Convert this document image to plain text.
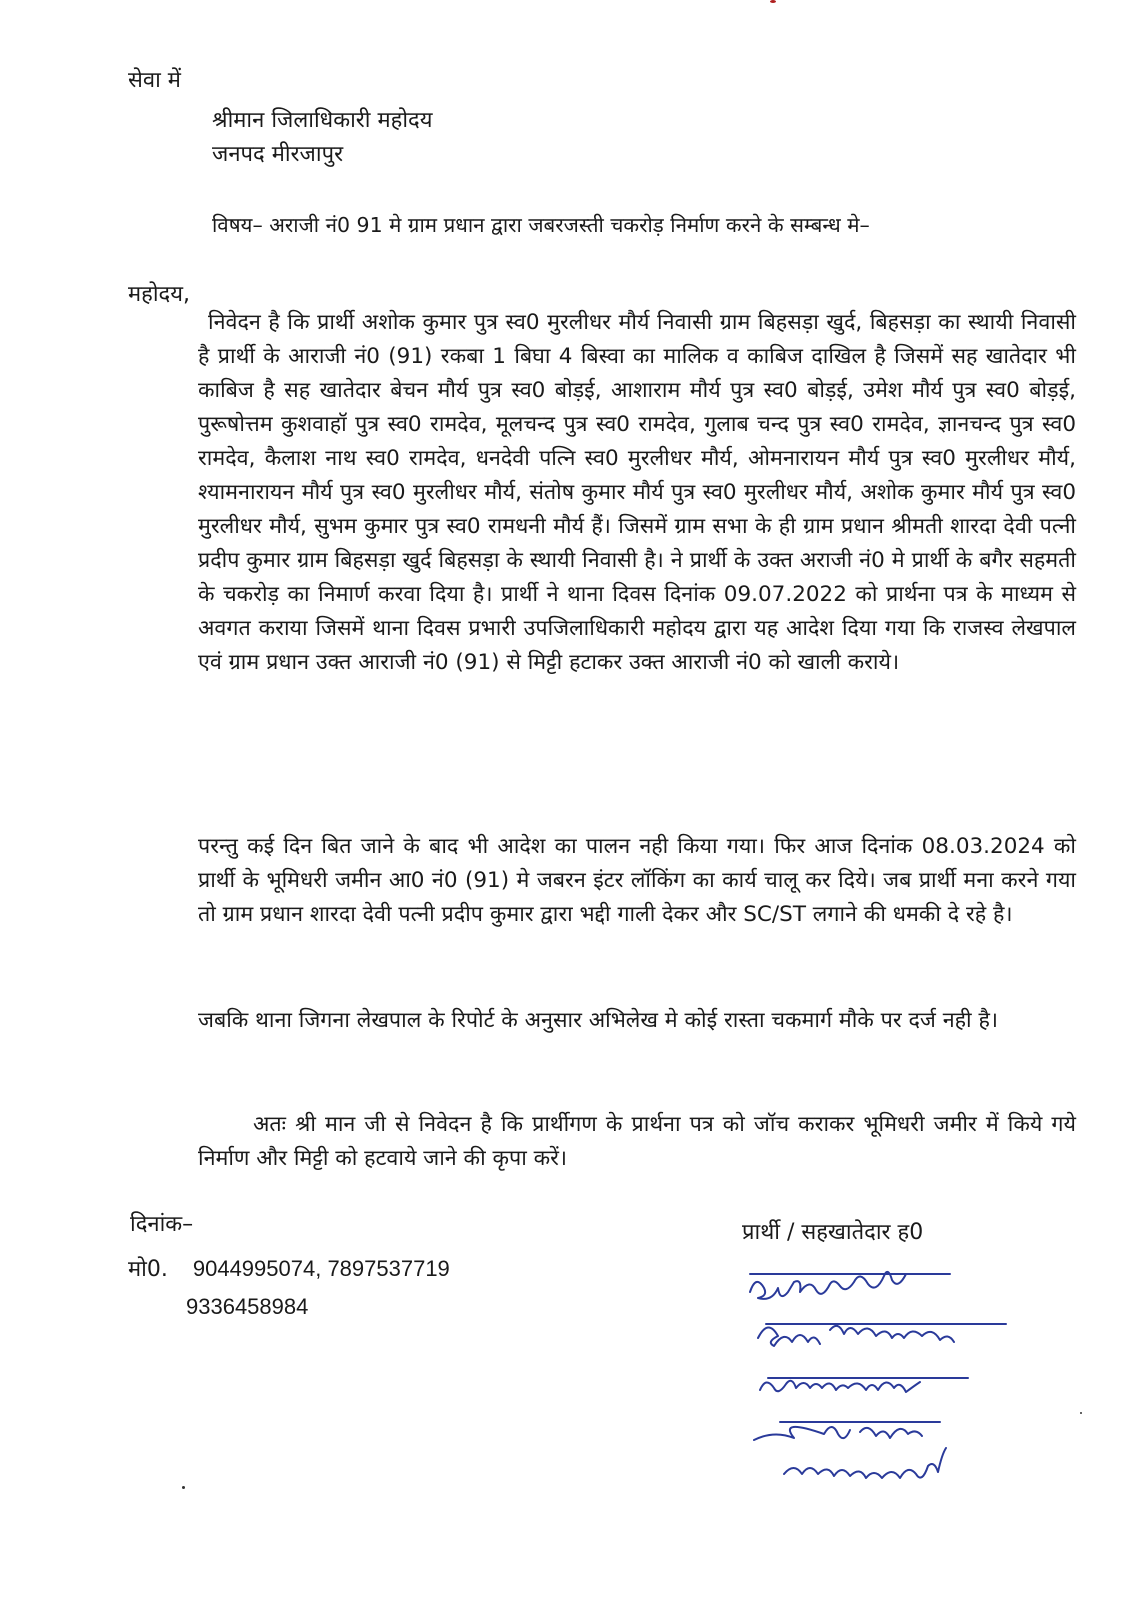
सेवा में

श्रीमान जिलाधिकारी महोदय

जनपद मीरजापुर

विषय– अराजी नं0 91 मे ग्राम प्रधान द्वारा जबरजस्ती चकरोड़ निर्माण करने के सम्बन्ध मे–

महोदय,

निवेदन है कि प्रार्थी अशोक कुमार पुत्र स्व0 मुरलीधर मौर्य निवासी ग्राम बिहसड़ा खुर्द, बिहसड़ा का स्थायी निवासी है प्रार्थी के आराजी नं0 (91) रकबा 1 बिघा 4 बिस्वा का मालिक व काबिज दाखिल है जिसमें सह खातेदार भी काबिज है सह खातेदार बेचन मौर्य पुत्र स्व0 बोड़ई, आशाराम मौर्य पुत्र स्व0 बोड़ई, उमेश मौर्य पुत्र स्व0 बोड़ई, पुरूषोत्तम कुशवाहॉ पुत्र स्व0 रामदेव, मूलचन्द पुत्र स्व0 रामदेव, गुलाब चन्द पुत्र स्व0 रामदेव, ज्ञानचन्द पुत्र स्व0 रामदेव, कैलाश नाथ स्व0 रामदेव, धनदेवी पत्नि स्व0 मुरलीधर मौर्य, ओमनारायन मौर्य पुत्र स्व0 मुरलीधर मौर्य, श्यामनारायन मौर्य पुत्र स्व0 मुरलीधर मौर्य, संतोष कुमार मौर्य पुत्र स्व0 मुरलीधर मौर्य, अशोक कुमार मौर्य पुत्र स्व0 मुरलीधर मौर्य, सुभम कुमार पुत्र स्व0 रामधनी मौर्य हैं। जिसमें ग्राम सभा के ही ग्राम प्रधान श्रीमती शारदा देवी पत्नी प्रदीप कुमार ग्राम बिहसड़ा खुर्द बिहसड़ा के स्थायी निवासी है। ने प्रार्थी के उक्त अराजी नं0 मे प्रार्थी के बगैर सहमती के चकरोड़ का निमार्ण करवा दिया है। प्रार्थी ने थाना दिवस दिनांक 09.07.2022 को प्रार्थना पत्र के माध्यम से अवगत कराया जिसमें थाना दिवस प्रभारी उपजिलाधिकारी महोदय द्वारा यह आदेश दिया गया कि राजस्व लेखपाल एवं ग्राम प्रधान उक्त आराजी नं0 (91) से मिट्टी हटाकर उक्त आराजी नं0 को खाली कराये।

परन्तु कई दिन बित जाने के बाद भी आदेश का पालन नही किया गया। फिर आज दिनांक 08.03.2024 को प्रार्थी के भूमिधरी जमीन आ0 नं0 (91) मे जबरन इंटर लॉकिंग का कार्य चालू कर दिये। जब प्रार्थी मना करने गया तो ग्राम प्रधान शारदा देवी पत्नी प्रदीप कुमार द्वारा भद्दी गाली देकर और SC/ST लगाने की धमकी दे रहे है।

जबकि थाना जिगना लेखपाल के रिपोर्ट के अनुसार अभिलेख मे कोई रास्ता चकमार्ग मौके पर दर्ज नही है।

अतः श्री मान जी से निवेदन है कि प्रार्थीगण के प्रार्थना पत्र को जॉच कराकर भूमिधरी जमीर में किये गये निर्माण और मिट्टी को हटवाये जाने की कृपा करें।

दिनांक–

मो0. 9044995074, 7897537719

9336458984

प्रार्थी / सहखातेदार ह0
